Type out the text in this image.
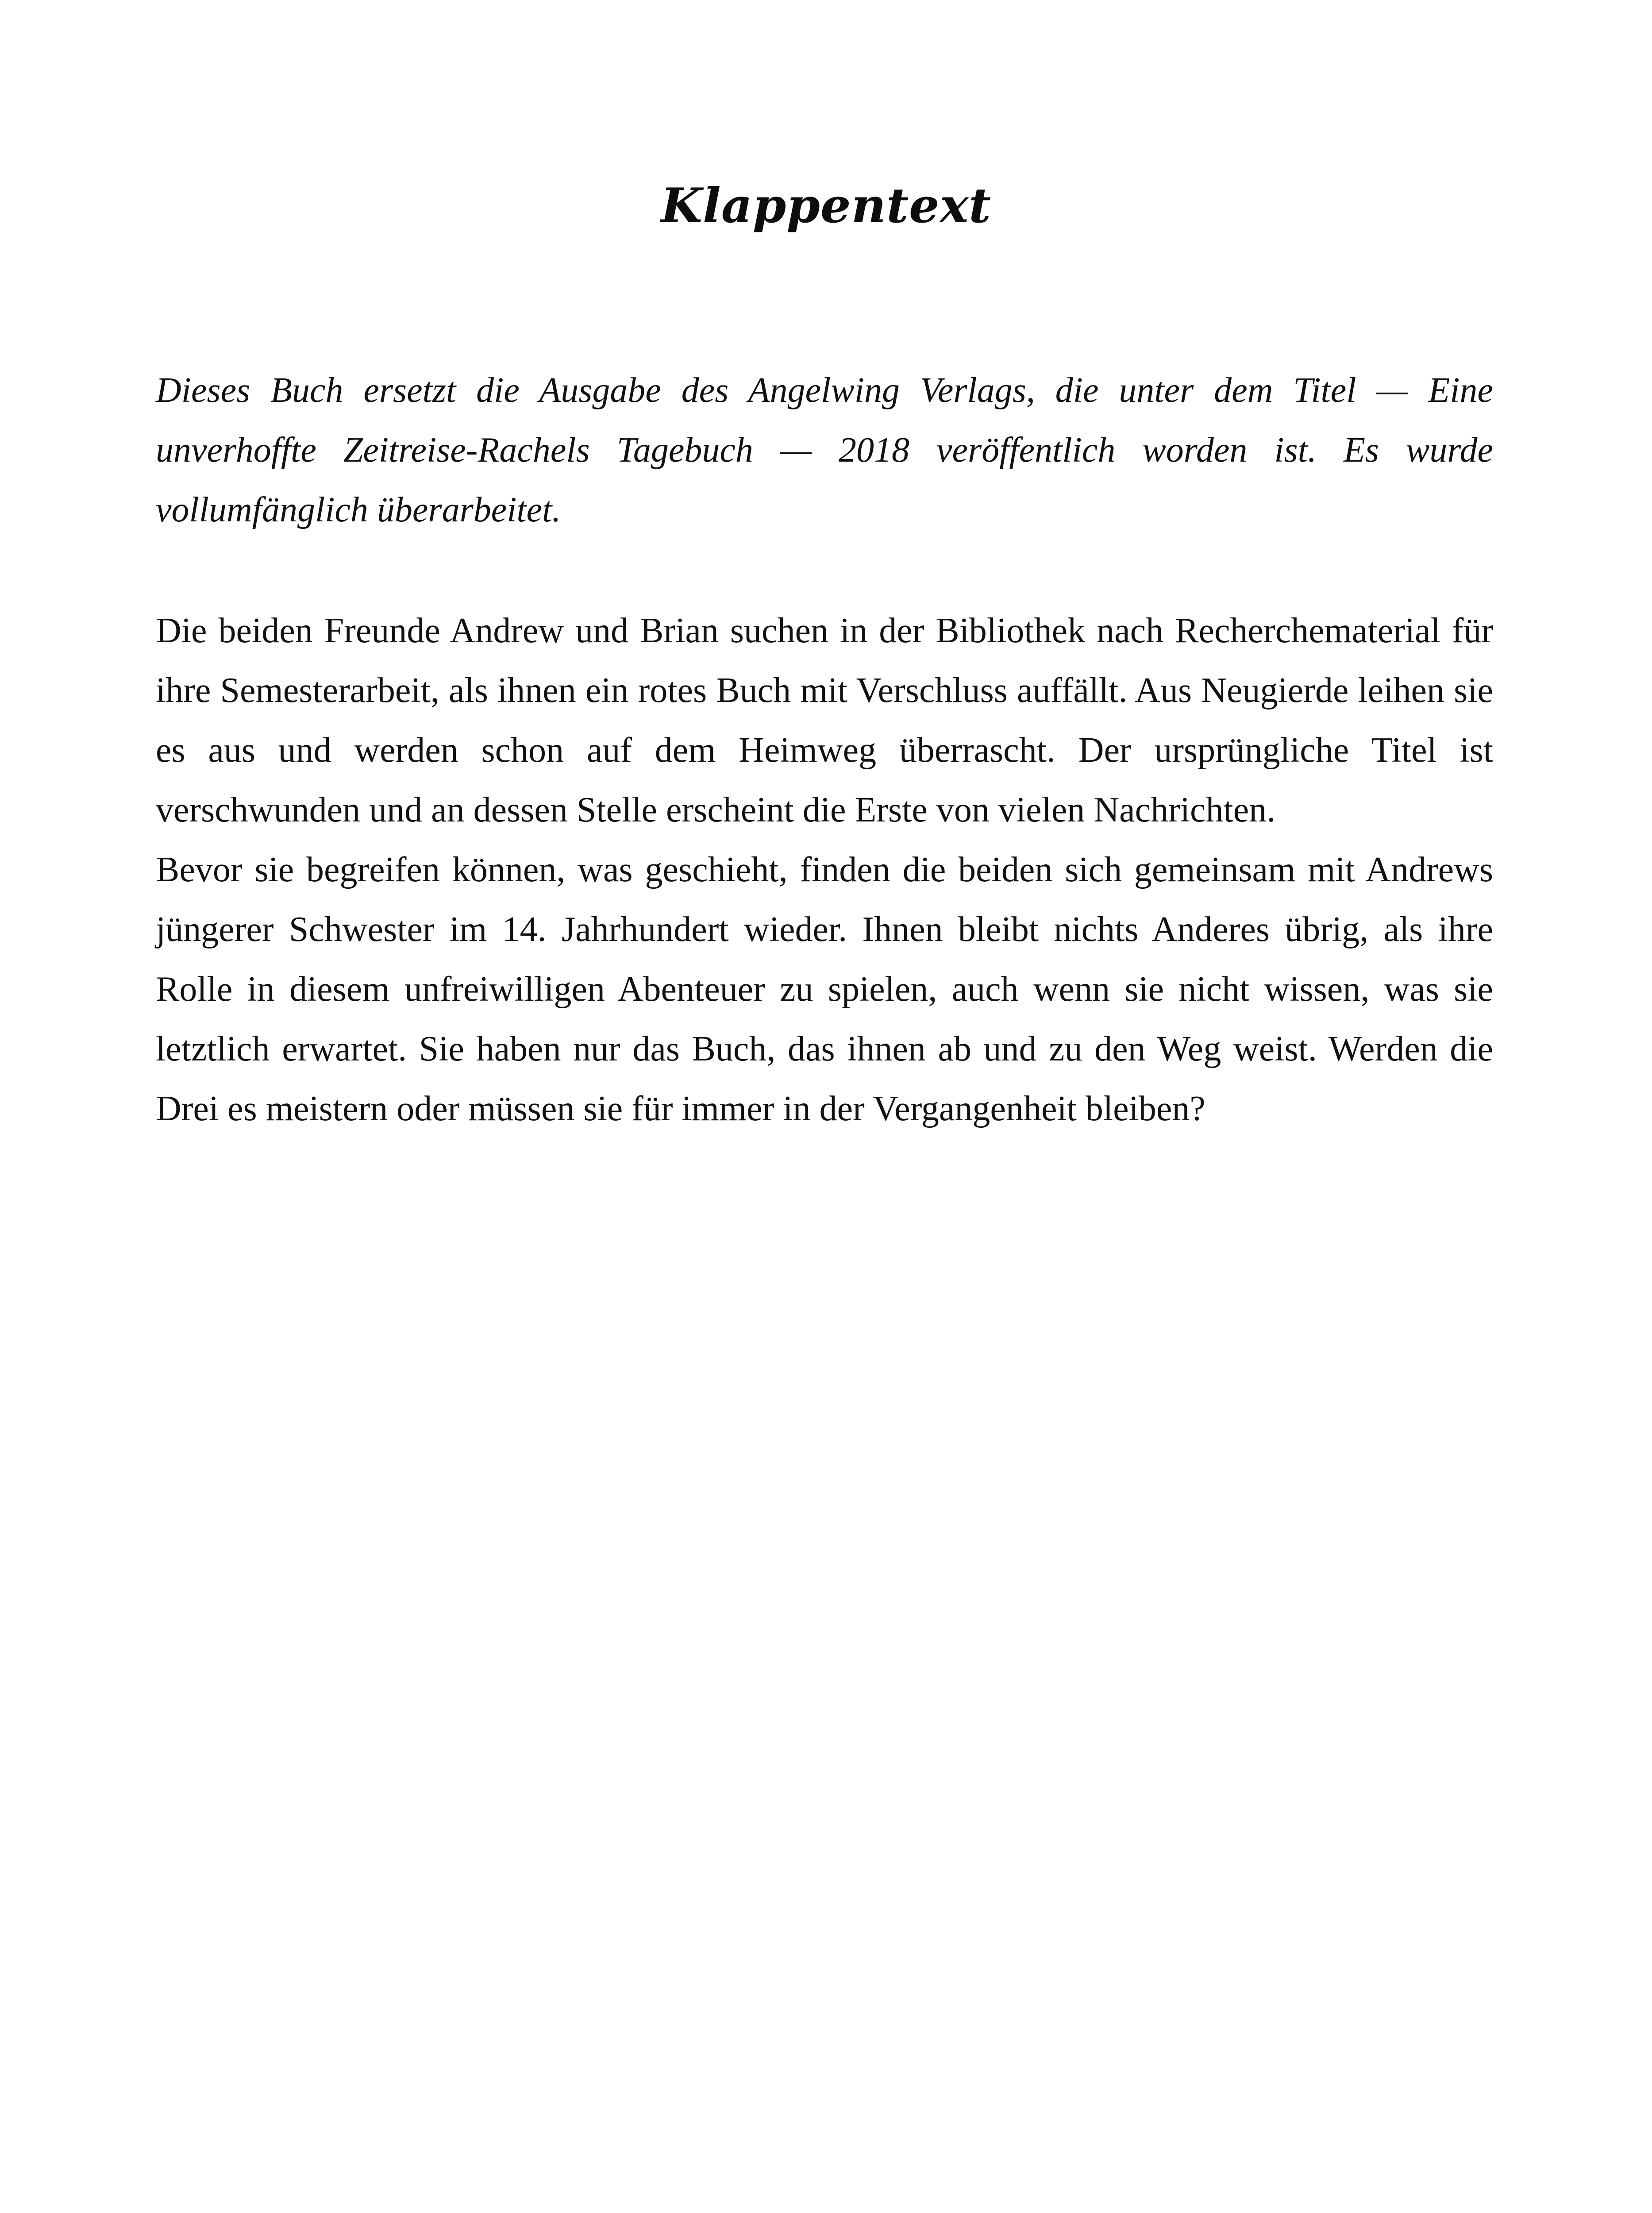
Klappentext

Dieses Buch ersetzt die Ausgabe des Angelwing Verlags, die unter dem Titel — Eine unverhoffte Zeitreise-Rachels Tagebuch — 2018 veröffentlich worden ist. Es wurde vollumfänglich überarbeitet.

Die beiden Freunde Andrew und Brian suchen in der Bibliothek nach Recherchematerial für ihre Semesterarbeit, als ihnen ein rotes Buch mit Verschluss auffällt. Aus Neugierde leihen sie es aus und werden schon auf dem Heimweg überrascht. Der ursprüngliche Titel ist verschwunden und an dessen Stelle erscheint die Erste von vielen Nachrichten.

Bevor sie begreifen können, was geschieht, finden die beiden sich gemeinsam mit Andrews jüngerer Schwester im 14. Jahrhundert wieder. Ihnen bleibt nichts Anderes übrig, als ihre Rolle in diesem unfreiwilligen Abenteuer zu spielen, auch wenn sie nicht wissen, was sie letztlich erwartet. Sie haben nur das Buch, das ihnen ab und zu den Weg weist. Werden die Drei es meistern oder müssen sie für immer in der Vergangenheit bleiben?
